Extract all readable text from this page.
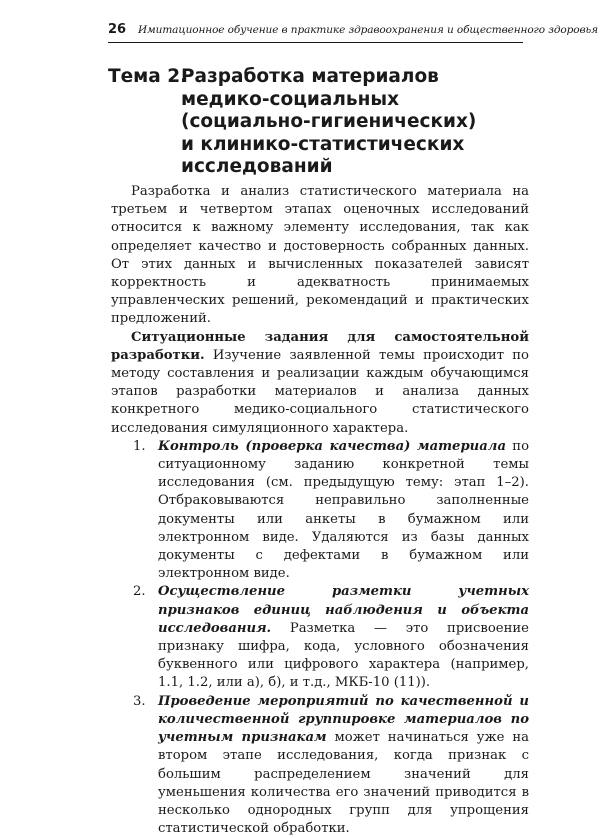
26 Имитационное обучение в практике здравоохранения и общественного здоровья
Тема 2.
Разработка материалов
медико-социальных
(социально-гигиенических)
и клинико-статистических
исследований

Разработка и анализ статистического материала на третьем и четвертом этапах оценочных исследований относится к важному элементу исследования, так как определяет качество и достоверность собранных данных. От этих данных и вычисленных показателей зависят корректность и адекватность принимаемых управленческих решений, рекомендаций и практических предложений.

Ситуационные задания для самостоятельной разработки. Изучение заявленной темы происходит по методу составления и реализации каждым обучающимся этапов разработки материалов и анализа данных конкретного медико-социального статистического исследования симуляционного характера.

1. Контроль (проверка качества) материала по ситуационному заданию конкретной темы исследования (см. предыдущую тему: этап 1–2). Отбраковываются неправильно заполненные документы или анкеты в бумажном или электронном виде. Удаляются из базы данных документы с дефектами в бумажном или электронном виде.
2. Осуществление разметки учетных признаков единиц наблюдения и объекта исследования. Разметка — это присвоение признаку шифра, кода, условного обозначения буквенного или цифрового характера (например, 1.1, 1.2, или а), б), и т.д., МКБ-10 (11)).
3. Проведение мероприятий по качественной и количественной группировке материалов по учетным признакам может начинаться уже на втором этапе исследования, когда признак с большим распределением значений для уменьшения количества его значений приводится в несколько однородных групп для упрощения статистической обработки.
